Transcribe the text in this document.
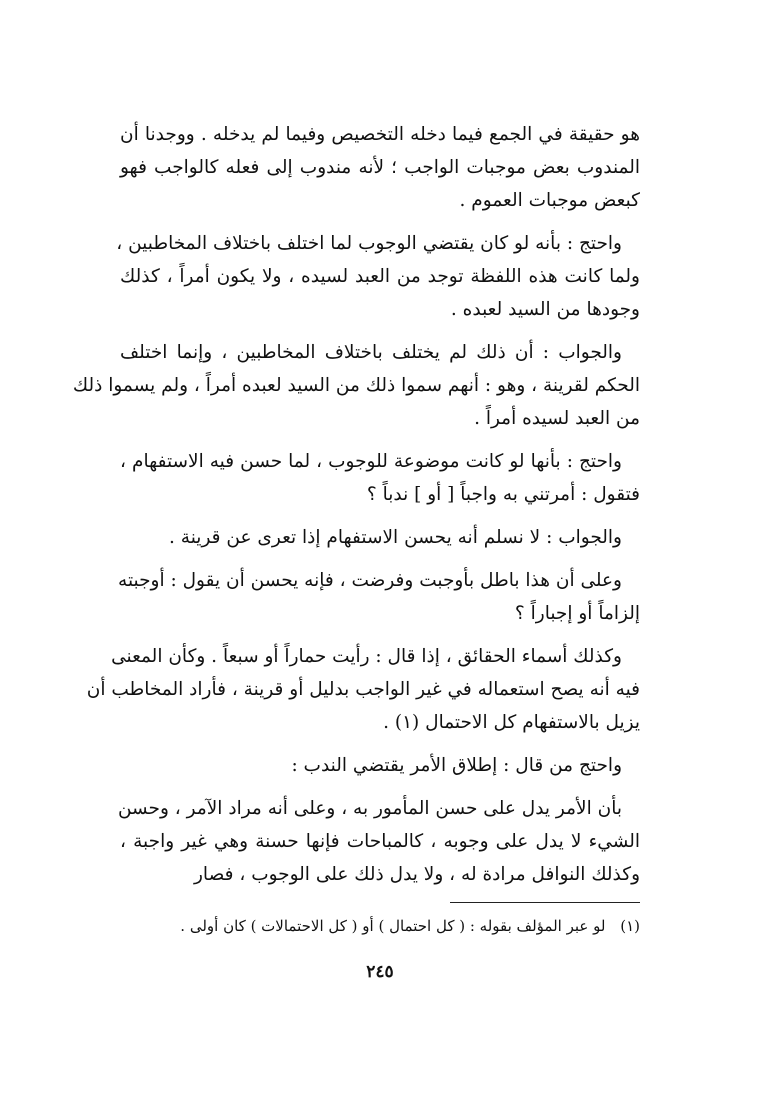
هو حقيقة في الجمع فيما دخله التخصيص وفيما لم يدخله . ووجدنا أن
المندوب بعض موجبات الواجب ؛ لأنه مندوب إلى فعله كالواجب فهو
كبعض موجبات العموم .

واحتج : بأنه لو كان يقتضي الوجوب لما اختلف باختلاف المخاطبين ،
ولما كانت هذه اللفظة توجد من العبد لسيده ، ولا يكون أمراً ، كذلك
وجودها من السيد لعبده .

والجواب : أن ذلك لم يختلف باختلاف المخاطبين ، وإنما اختلف
الحكم لقرينة ، وهو : أنهم سموا ذلك من السيد لعبده أمراً ، ولم يسموا ذلك
من العبد لسيده أمراً .

واحتج : بأنها لو كانت موضوعة للوجوب ، لما حسن فيه الاستفهام ،
فتقول : أمرتني به واجباً [ أو ] ندباً ؟

والجواب : لا نسلم أنه يحسن الاستفهام إذا تعرى عن قرينة .

وعلى أن هذا باطل بأوجبت وفرضت ، فإنه يحسن أن يقول : أوجبته
إلزاماً أو إجباراً ؟

وكذلك أسماء الحقائق ، إذا قال : رأيت حماراً أو سبعاً . وكأن المعنى
فيه أنه يصح استعماله في غير الواجب بدليل أو قرينة ، فأراد المخاطب أن
يزيل بالاستفهام كل الاحتمال (١) .

واحتج من قال : إطلاق الأمر يقتضي الندب :

بأن الأمر يدل على حسن المأمور به ، وعلى أنه مراد الآمر ، وحسن
الشيء لا يدل على وجوبه ، كالمباحات فإنها حسنة وهي غير واجبة ،
وكذلك النوافل مرادة له ، ولا يدل ذلك على الوجوب ، فصار

(١) لو عبر المؤلف بقوله : ( كل احتمال ) أو ( كل الاحتمالات ) كان أولى .
٢٤٥
